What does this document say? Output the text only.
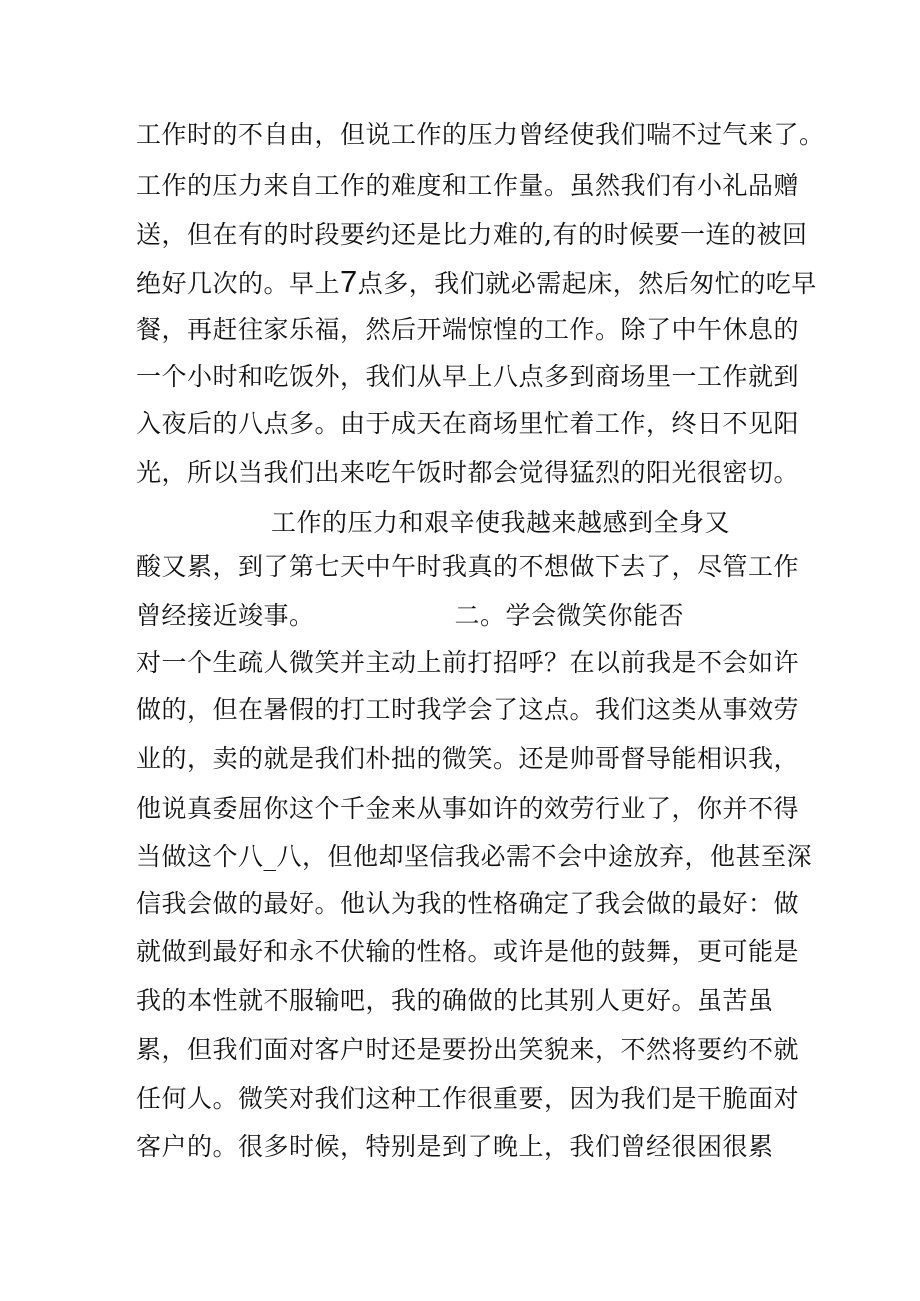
工作时的不自由，但说工作的压力曾经使我们喘不过气来了。
工作的压力来自工作的难度和工作量。虽然我们有小礼品赠
送，但在有的时段要约还是比力难的,有的时候要一连的被回
绝好几次的。早上7点多，我们就必需起床，然后匆忙的吃早
餐，再赶往家乐福，然后开端惊惶的工作。除了中午休息的
一个小时和吃饭外，我们从早上八点多到商场里一工作就到
入夜后的八点多。由于成天在商场里忙着工作，终日不见阳
光，所以当我们出来吃午饭时都会觉得猛烈的阳光很密切。
工作的压力和艰辛使我越来越感到全身又
酸又累，到了第七天中午时我真的不想做下去了，尽管工作
曾经接近竣事。	二。学会微笑你能否
对一个生疏人微笑并主动上前打招呼？在以前我是不会如许
做的，但在暑假的打工时我学会了这点。我们这类从事效劳
业的，卖的就是我们朴拙的微笑。还是帅哥督导能相识我，
他说真委屈你这个千金来从事如许的效劳行业了，你并不得
当做这个八_八，但他却坚信我必需不会中途放弃，他甚至深
信我会做的最好。他认为我的性格确定了我会做的最好：做
就做到最好和永不伏输的性格。或许是他的鼓舞，更可能是
我的本性就不服输吧，我的确做的比其别人更好。虽苦虽
累，但我们面对客户时还是要扮出笑貌来，不然将要约不就
任何人。微笑对我们这种工作很重要，因为我们是干脆面对
客户的。很多时候，特别是到了晚上，我们曾经很困很累
